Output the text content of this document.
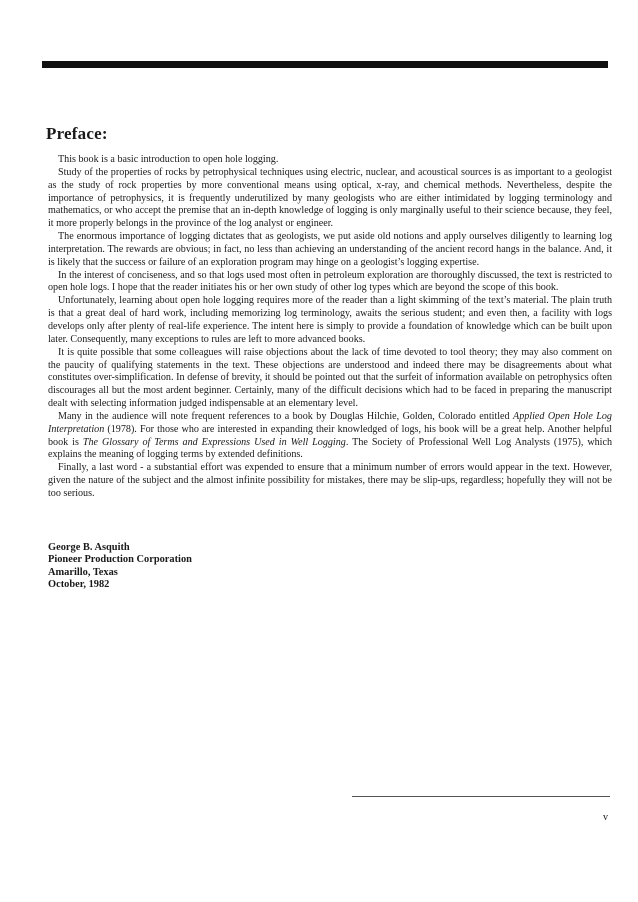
Preface:

This book is a basic introduction to open hole logging.

Study of the properties of rocks by petrophysical techniques using electric, nuclear, and acoustical sources is as important to a geologist as the study of rock properties by more conventional means using optical, x-ray, and chemical methods. Nevertheless, despite the importance of petrophysics, it is frequently underutilized by many geologists who are either intimidated by logging terminology and mathematics, or who accept the premise that an in-depth knowledge of logging is only marginally useful to their science because, they feel, it more properly belongs in the province of the log analyst or engineer.

The enormous importance of logging dictates that as geologists, we put aside old notions and apply ourselves diligently to learning log interpretation. The rewards are obvious; in fact, no less than achieving an understanding of the ancient record hangs in the balance. And, it is likely that the success or failure of an exploration program may hinge on a geologist’s logging expertise.

In the interest of conciseness, and so that logs used most often in petroleum exploration are thoroughly discussed, the text is restricted to open hole logs. I hope that the reader initiates his or her own study of other log types which are beyond the scope of this book.

Unfortunately, learning about open hole logging requires more of the reader than a light skimming of the text’s material. The plain truth is that a great deal of hard work, including memorizing log terminology, awaits the serious student; and even then, a facility with logs develops only after plenty of real-life experience. The intent here is simply to provide a foundation of knowledge which can be built upon later. Consequently, many exceptions to rules are left to more advanced books.

It is quite possible that some colleagues will raise objections about the lack of time devoted to tool theory; they may also comment on the paucity of qualifying statements in the text. These objections are understood and indeed there may be disagreements about what constitutes over-simplification. In defense of brevity, it should be pointed out that the surfeit of information available on petrophysics often discourages all but the most ardent beginner. Certainly, many of the difficult decisions which had to be faced in preparing the manuscript dealt with selecting information judged indispensable at an elementary level.

Many in the audience will note frequent references to a book by Douglas Hilchie, Golden, Colorado entitled Applied Open Hole Log Interpretation (1978). For those who are interested in expanding their knowledged of logs, his book will be a great help. Another helpful book is The Glossary of Terms and Expressions Used in Well Logging. The Society of Professional Well Log Analysts (1975), which explains the meaning of logging terms by extended definitions.

Finally, a last word - a substantial effort was expended to ensure that a minimum number of errors would appear in the text. However, given the nature of the subject and the almost infinite possibility for mistakes, there may be slip-ups, regardless; hopefully they will not be too serious.

George B. Asquith
Pioneer Production Corporation
Amarillo, Texas
October, 1982
v
